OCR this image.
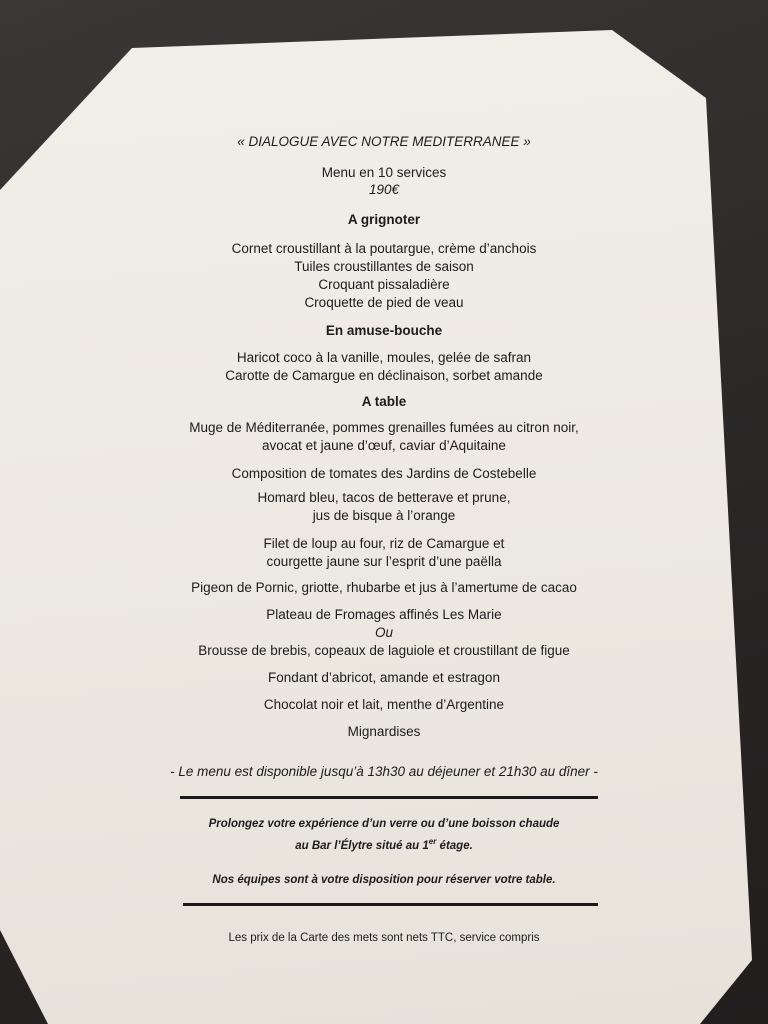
« DIALOGUE AVEC NOTRE MEDITERRANEE »
Menu en 10 services
190€
A grignoter
Cornet croustillant à la poutargue, crème d’anchois
Tuiles croustillantes de saison
Croquant pissaladière
Croquette de pied de veau
En amuse-bouche
Haricot coco à la vanille, moules, gelée de safran
Carotte de Camargue en déclinaison, sorbet amande
A table
Muge de Méditerranée, pommes grenailles fumées au citron noir,
avocat et jaune d’œuf, caviar d’Aquitaine
Composition de tomates des Jardins de Costebelle
Homard bleu, tacos de betterave et prune,
jus de bisque à l’orange
Filet de loup au four, riz de Camargue et
courgette jaune sur l’esprit d’une paëlla
Pigeon de Pornic, griotte, rhubarbe et jus à l’amertume de cacao
Plateau de Fromages affinés Les Marie
Ou
Brousse de brebis, copeaux de laguiole et croustillant de figue
Fondant d’abricot, amande et estragon
Chocolat noir et lait, menthe d’Argentine
Mignardises
- Le menu est disponible jusqu’à 13h30 au déjeuner et 21h30 au dîner -
Prolongez votre expérience d’un verre ou d’une boisson chaude
au Bar l’Élytre situé au 1er étage.
Nos équipes sont à votre disposition pour réserver votre table.
Les prix de la Carte des mets sont nets TTC, service compris
